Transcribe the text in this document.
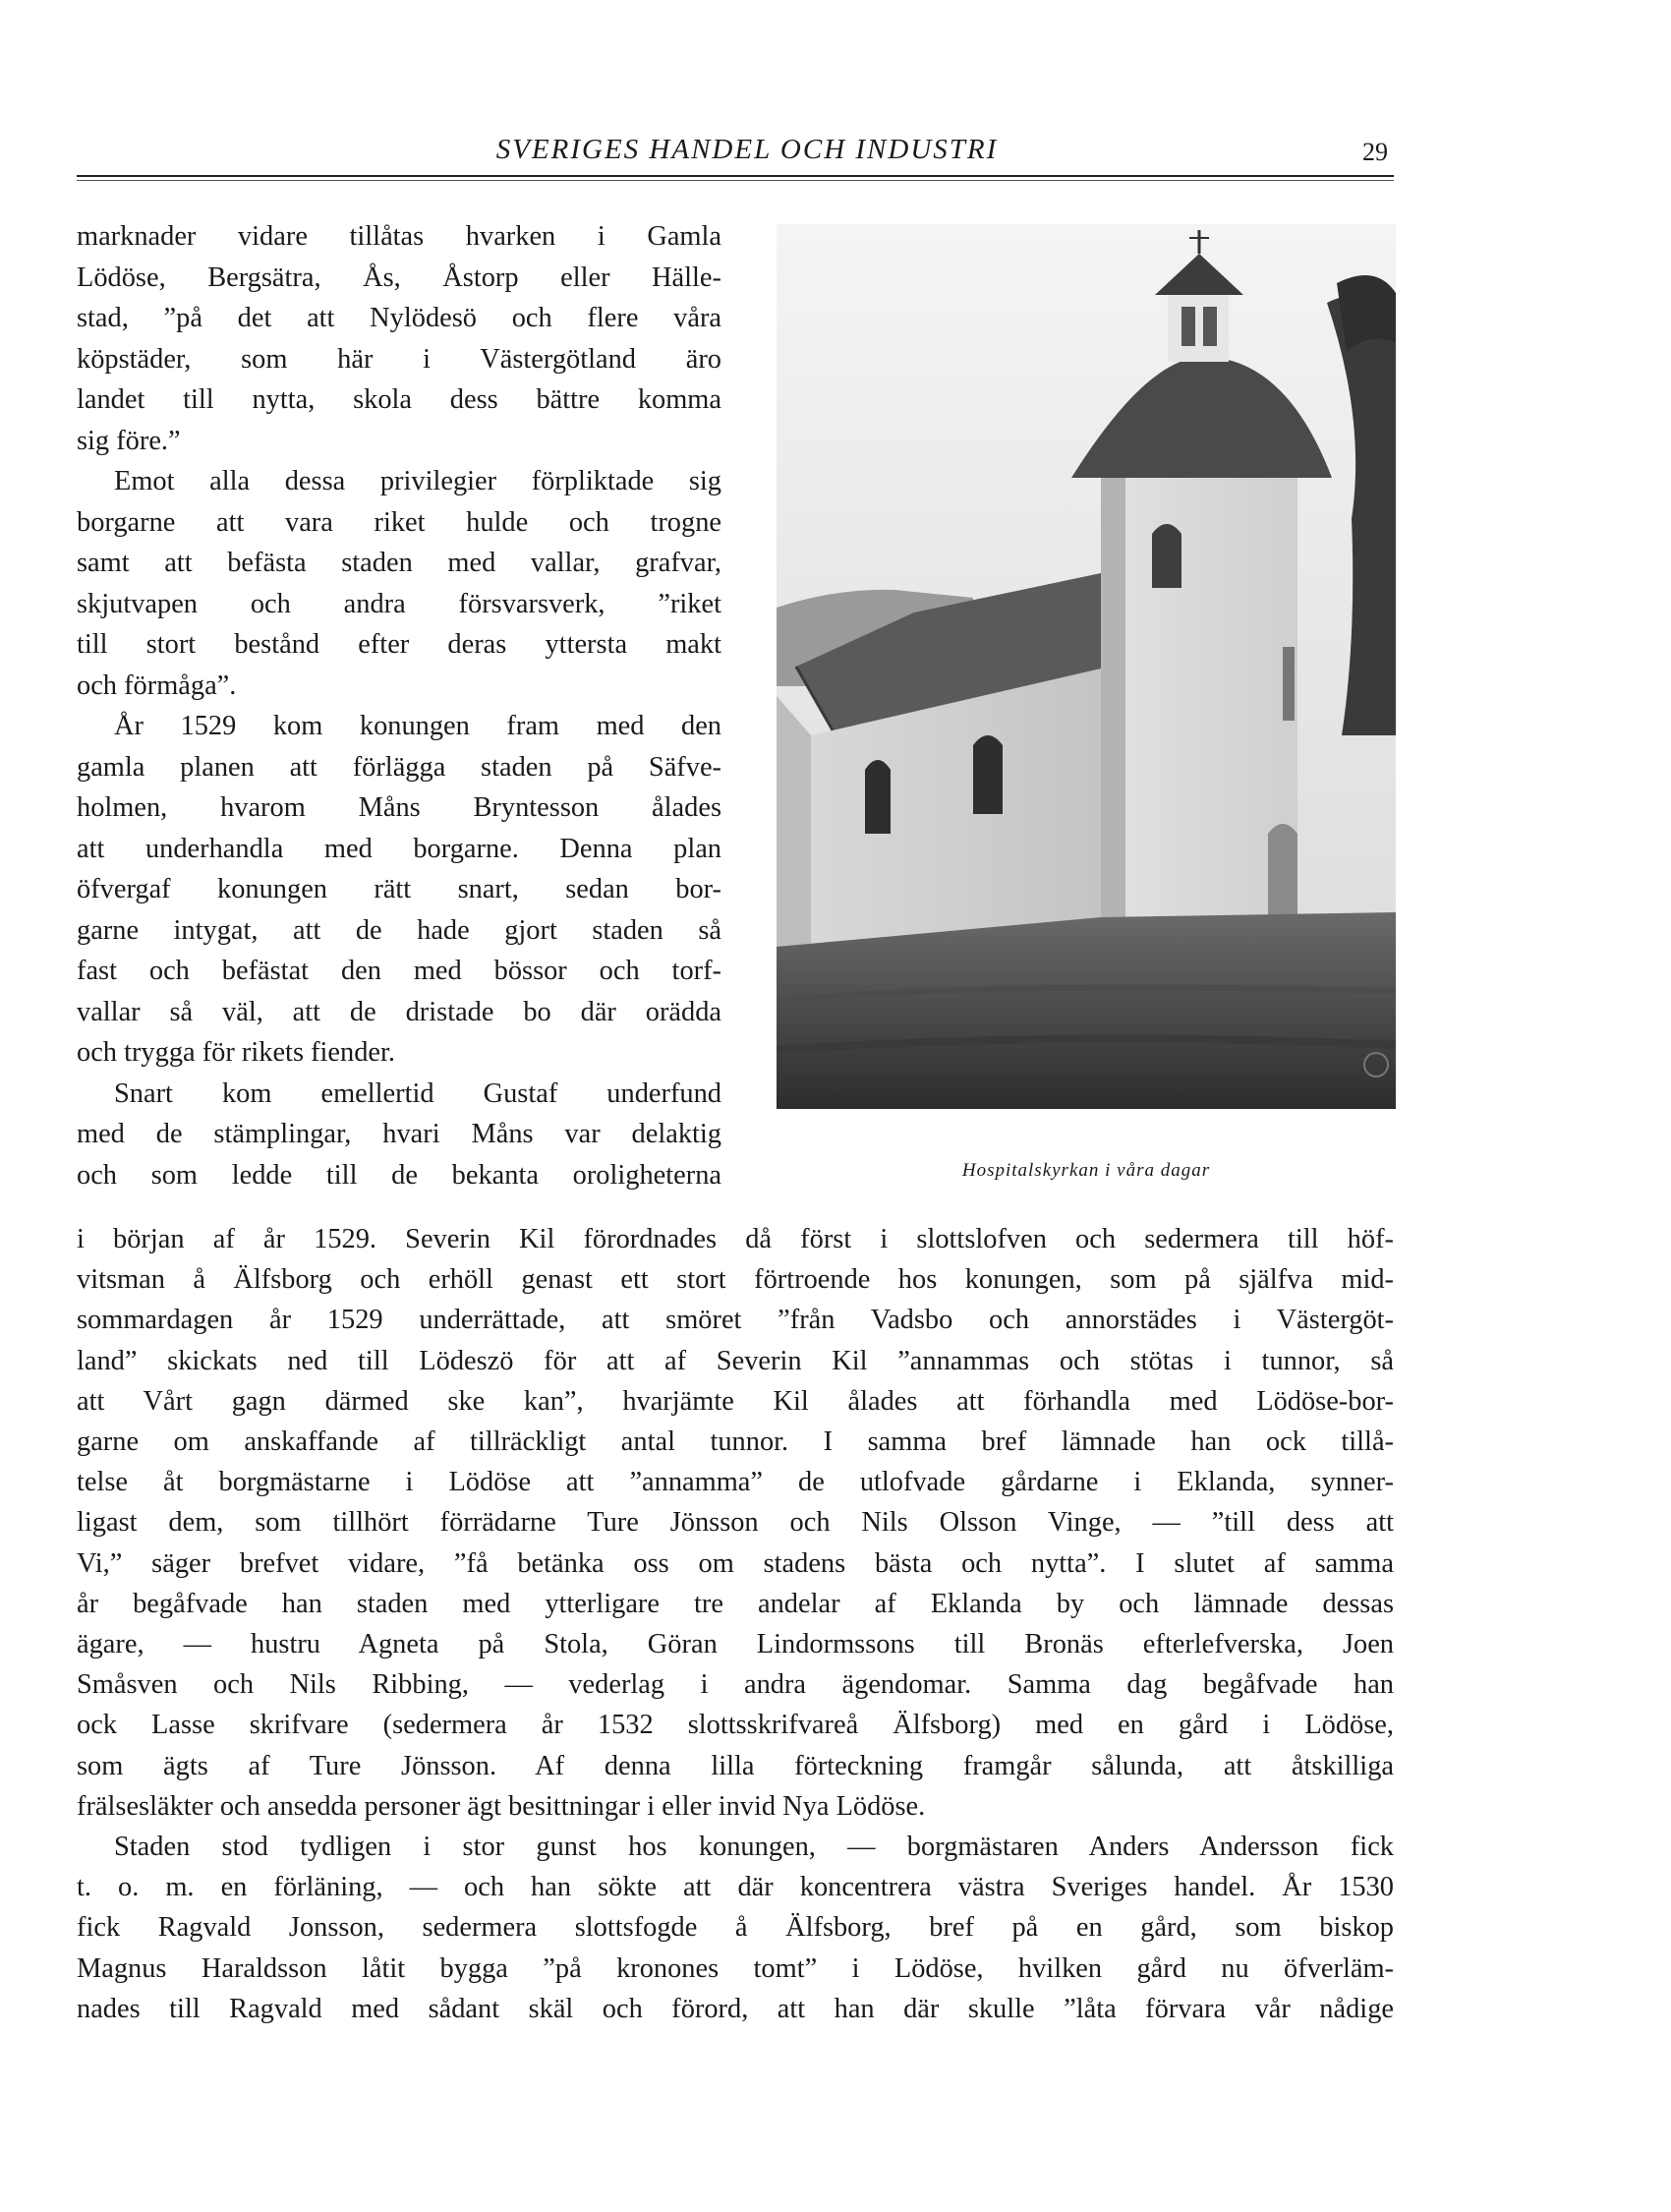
SVERIGES HANDEL OCH INDUSTRI	29
marknader vidare tillåtas hvarken i Gamla
Lödöse, Bergsätra, Ås, Åstorp eller Hälle-
stad, ”på det att Nylödesö och flere våra
köpstäder, som här i Västergötland äro
landet till nytta, skola dess bättre komma
sig före.”
Emot alla dessa privilegier förpliktade sig
borgarne att vara riket hulde och trogne
samt att befästa staden med vallar, grafvar,
skjutvapen och andra försvarsverk, ”riket
till stort bestånd efter deras yttersta makt
och förmåga”.
År 1529 kom konungen fram med den
gamla planen att förlägga staden på Säfve-
holmen, hvarom Måns Bryntesson ålades
att underhandla med borgarne. Denna plan
öfvergaf konungen rätt snart, sedan bor-
garne intygat, att de hade gjort staden så
fast och befästat den med bössor och torf-
vallar så väl, att de dristade bo där orädda
och trygga för rikets fiender.
Snart kom emellertid Gustaf underfund
med de stämplingar, hvari Måns var delaktig
och som ledde till de bekanta oroligheterna	Hospitalskyrkan i våra dagar
i början af år 1529. Severin Kil förordnades då först i slottslofven och sedermera till höf-
vitsman å Älfsborg och erhöll genast ett stort förtroende hos konungen, som på själfva mid-
sommardagen år 1529 underrättade, att smöret ”från Vadsbo och annorstädes i Västergöt-
land” skickats ned till Lödeszö för att af Severin Kil ”annammas och stötas i tunnor, så
att Vårt gagn därmed ske kan”, hvarjämte Kil ålades att förhandla med Lödöse-bor-
garne om anskaffande af tillräckligt antal tunnor. I samma bref lämnade han ock tillå-
telse åt borgmästarne i Lödöse att ”annamma” de utlofvade gårdarne i Eklanda, synner-
ligast dem, som tillhört förrädarne Ture Jönsson och Nils Olsson Vinge, — ”till dess att
Vi,” säger brefvet vidare, ”få betänka oss om stadens bästa och nytta”. I slutet af samma
år begåfvade han staden med ytterligare tre andelar af Eklanda by och lämnade dessas
ägare, — hustru Agneta på Stola, Göran Lindormssons till Bronäs efterlefverska, Joen
Småsven och Nils Ribbing, — vederlag i andra ägendomar. Samma dag begåfvade han
ock Lasse skrifvare (sedermera år 1532 slottsskrifvareå Älfsborg) med en gård i Lödöse,
som ägts af Ture Jönsson. Af denna lilla förteckning framgår sålunda, att åtskilliga
frälsesläkter och ansedda personer ägt besittningar i eller invid Nya Lödöse.
Staden stod tydligen i stor gunst hos konungen, — borgmästaren Anders Andersson fick
t. o. m. en förläning, — och han sökte att där koncentrera västra Sveriges handel. År 1530
fick Ragvald Jonsson, sedermera slottsfogde å Älfsborg, bref på en gård, som biskop
Magnus Haraldsson låtit bygga ”på kronones tomt” i Lödöse, hvilken gård nu öfverläm-
nades till Ragvald med sådant skäl och förord, att han där skulle ”låta förvara vår nådige
